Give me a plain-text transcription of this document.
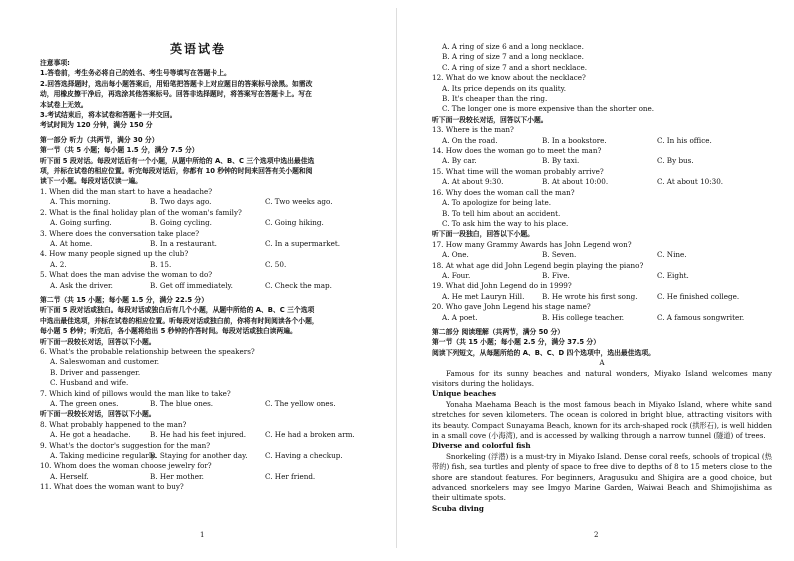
英语试卷
注意事项:
1.答卷前，考生务必将自己的姓名、考生号等填写在答题卡上。
2.回答选择题时，选出每小题答案后，用铅笔把答题卡上对应题目的答案标号涂黑。如需改
动，用橡皮擦干净后，再选涂其他答案标号。回答非选择题时，将答案写在答题卡上。写在
本试卷上无效。
3.考试结束后，将本试卷和答题卡一并交回。
考试时间为 120 分钟，满分 150 分
第一部分 听力（共两节，满分 30 分）
第一节（共 5 小题；每小题 1.5 分，满分 7.5 分）
听下面 5 段对话。每段对话后有一个小题，从题中所给的 A、B、C 三个选项中选出最佳选
项，并标在试卷的相应位置。听完每段对话后，你都有 10 秒钟的时间来回答有关小题和阅
读下一小题。每段对话仅读一遍。
1. When did the man start to have a headache?
A. This morning.	B. Two days ago.	C. Two weeks ago.
2. What is the final holiday plan of the woman's family?
A. Going surfing.	B. Going cycling.	C. Going hiking.
3. Where does the conversation take place?
A. At home.	B. In a restaurant.	C. In a supermarket.
4. How many people signed up the club?
A. 2.	B. 15.	C. 50.
5. What does the man advise the woman to do?
A. Ask the driver.	B. Get off immediately.	C. Check the map.
第二节（共 15 小题；每小题 1.5 分，满分 22.5 分）
听下面 5 段对话或独白。每段对话或独白后有几个小题，从题中所给的 A、B、C 三个选项
中选出最佳选项，并标在试卷的相应位置。听每段对话或独白前，你将有时间阅读各个小题，
每小题 5 秒钟；听完后，各小题将给出 5 秒钟的作答时间。每段对话或独白读两遍。
听下面一段较长对话，回答以下小题。
6. What's the probable relationship between the speakers?
A. Saleswoman and customer.
B. Driver and passenger.
C. Husband and wife.
7. Which kind of pillows would the man like to take?
A. The green ones.	B. The blue ones.	C. The yellow ones.
听下面一段较长对话，回答以下小题。
8. What probably happened to the man?
A. He got a headache.	B. He had his feet injured.	C. He had a broken arm.
9. What's the doctor's suggestion for the man?
A. Taking medicine regularly.
B. Staying for another day.	C. Having a checkup.
10. Whom does the woman choose jewelry for?
A. Herself.	B. Her mother.	C. Her friend.
11. What does the woman want to buy?
1
A. A ring of size 6 and a long necklace.
B. A ring of size 7 and a long necklace.
C. A ring of size 7 and a short necklace.
12. What do we know about the necklace?
A. Its price depends on its quality.
B. It's cheaper than the ring.
C. The longer one is more expensive than the shorter one.
听下面一段较长对话，回答以下小题。
13. Where is the man?
A. On the road.	B. In a bookstore.	C. In his office.
14. How does the woman go to meet the man?
A. By car.	B. By taxi.	C. By bus.
15. What time will the woman probably arrive?
A. At about 9:30.	B. At about 10:00.	C. At about 10:30.
16. Why does the woman call the man?
A. To apologize for being late.
B. To tell him about an accident.
C. To ask him the way to his place.
听下面一段独白，回答以下小题。
17. How many Grammy Awards has John Legend won?
A. One.	B. Seven.	C. Nine.
18. At what age did John Legend begin playing the piano?
A. Four.	B. Five.	C. Eight.
19. What did John Legend do in 1999?
A. He met Lauryn Hill.	B. He wrote his first song.	C. He finished college.
20. Who gave John Legend his stage name?
A. A poet.	B. His college teacher.	C. A famous songwriter.
第二部分 阅读理解（共两节，满分 50 分）
第一节（共 15 小题；每小题 2.5 分，满分 37.5 分）
阅读下列短文，从每题所给的 A、B、C、D 四个选项中，选出最佳选项。
A
Famous for its sunny beaches and natural wonders, Miyako Island welcomes many visitors during the holidays.
Unique beaches
Yonaha Maehama Beach is the most famous beach in Miyako Island, where white sand stretches for seven kilometers. The ocean is colored in bright blue, attracting visitors with its beauty. Compact Sunayama Beach, known for its arch-shaped rock (拱形石), is well hidden in a small cove (小海湾), and is accessed by walking through a narrow tunnel (隧道) of trees.
Diverse and colorful fish
Snorkeling (浮潜) is a must-try in Miyako Island. Dense coral reefs, schools of tropical (热带的) fish, sea turtles and plenty of space to free dive to depths of 8 to 15 meters close to the shore are standout features. For beginners, Aragusuku and Shigira are a good choice, but advanced snorkelers may see Imgyo Marine Garden, Waiwai Beach and Shimojishima as their ultimate spots.
Scuba diving
2
